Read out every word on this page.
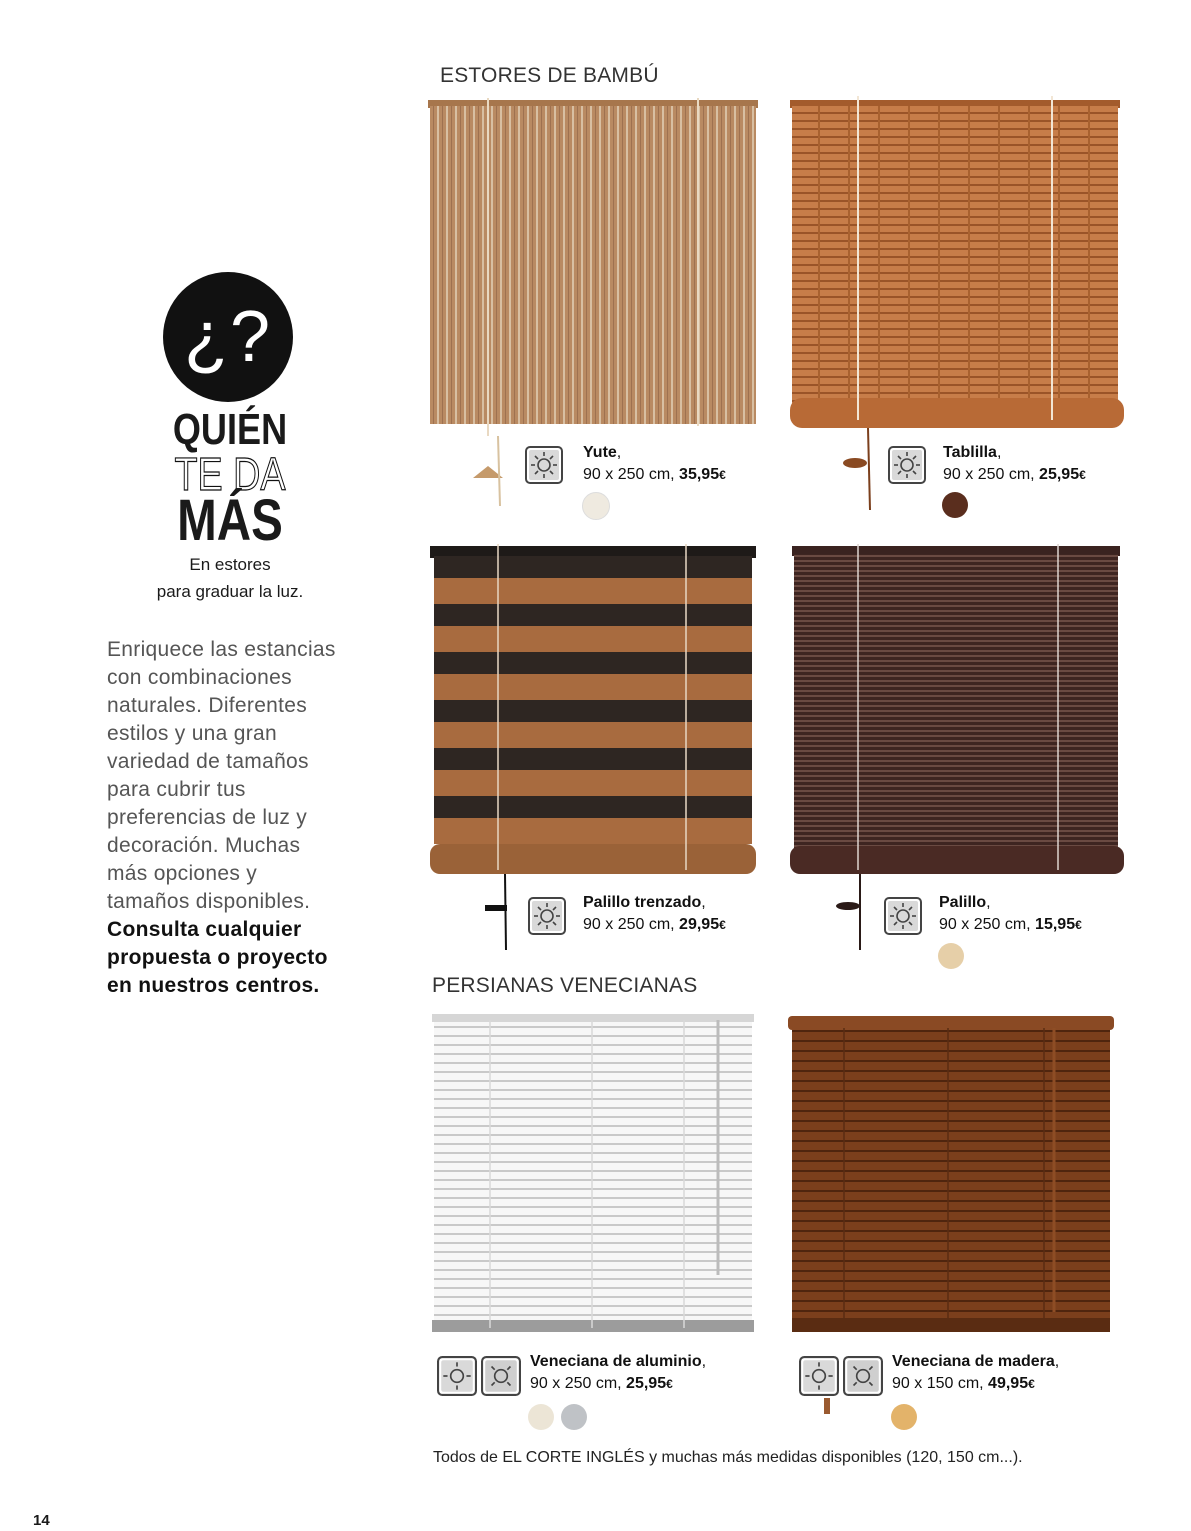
¿?
QUIÉN
TE DA
MÁS
En estores
para graduar la luz.
Enriquece las estancias
con combinaciones
naturales. Diferentes
estilos y una gran
variedad de tamaños
para cubrir tus
preferencias de luz y
decoración. Muchas
más opciones y
tamaños disponibles.
Consulta cualquier
propuesta o proyecto
en nuestros centros.
ESTORES DE BAMBÚ
PERSIANAS VENECIANAS
Yute,
90 x 250 cm, 35,95€
Tablilla,
90 x 250 cm, 25,95€
Palillo trenzado,
90 x 250 cm, 29,95€
Palillo,
90 x 250 cm, 15,95€
Veneciana de aluminio,
90 x 250 cm, 25,95€
Veneciana de madera,
90 x 150 cm, 49,95€
Todos de EL CORTE INGLÉS y muchas más medidas disponibles (120, 150 cm...).
14
